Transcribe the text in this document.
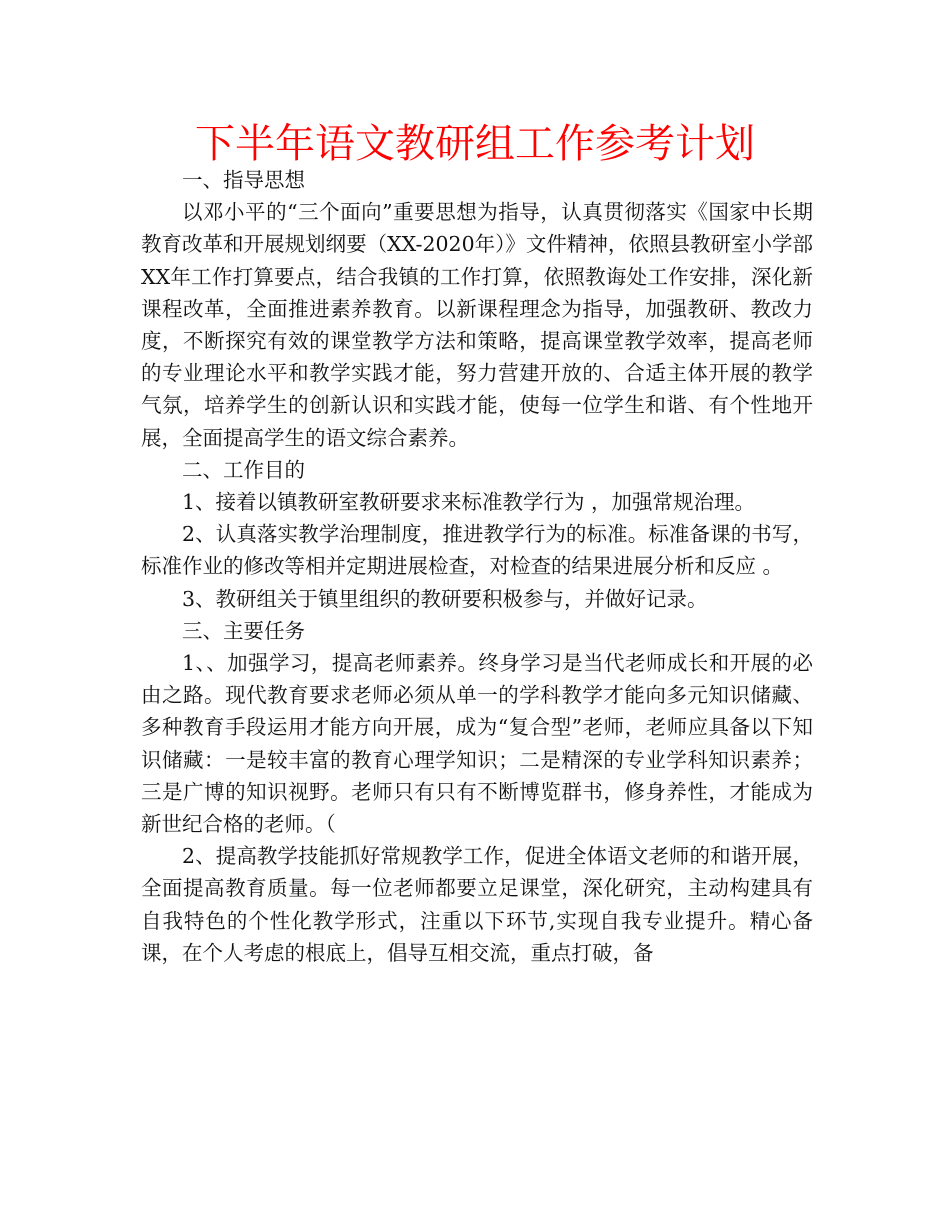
下半年语文教研组工作参考计划

一、指导思想

以邓小平的“三个面向”重要思想为指导，认真贯彻落实《国家中长期教育改革和开展规划纲要（XX-2020年）》文件精神，依照县教研室小学部XX年工作打算要点，结合我镇的工作打算，依照教诲处工作安排，深化新课程改革，全面推进素养教育。以新课程理念为指导，加强教研、教改力度，不断探究有效的课堂教学方法和策略，提高课堂教学效率，提高老师的专业理论水平和教学实践才能，努力营建开放的、合适主体开展的教学气氛，培养学生的创新认识和实践才能，使每一位学生和谐、有个性地开展，全面提高学生的语文综合素养。

二、工作目的

1、接着以镇教研室教研要求来标准教学行为 ，加强常规治理。

2、认真落实教学治理制度，推进教学行为的标准。标准备课的书写，标准作业的修改等相并定期进展检查，对检查的结果进展分析和反应 。

3、教研组关于镇里组织的教研要积极参与，并做好记录。

三、主要任务

1、、加强学习，提高老师素养。终身学习是当代老师成长和开展的必由之路。现代教育要求老师必须从单一的学科教学才能向多元知识储藏、多种教育手段运用才能方向开展，成为“复合型”老师，老师应具备以下知识储藏：一是较丰富的教育心理学知识；二是精深的专业学科知识素养；三是广博的知识视野。老师只有只有不断博览群书，修身养性，才能成为新世纪合格的老师。（

2、提高教学技能抓好常规教学工作，促进全体语文老师的和谐开展，全面提高教育质量。每一位老师都要立足课堂，深化研究，主动构建具有自我特色的个性化教学形式，注重以下环节,实现自我专业提升。精心备课，在个人考虑的根底上，倡导互相交流，重点打破，备
